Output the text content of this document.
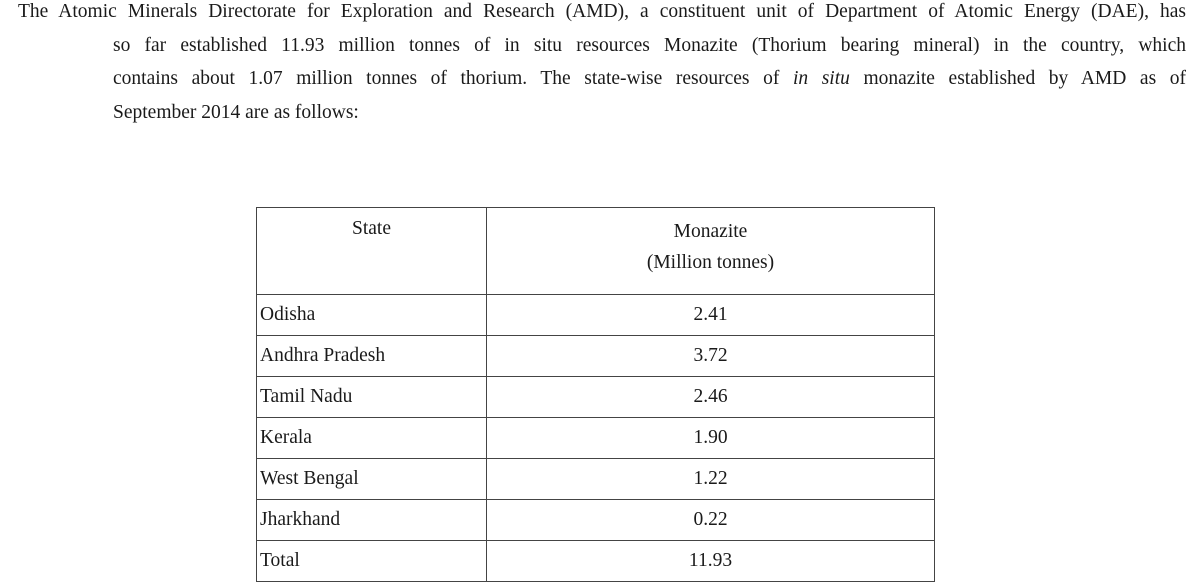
The Atomic Minerals Directorate for Exploration and Research (AMD), a constituent unit of Department of Atomic Energy (DAE), has
so far established 11.93 million tonnes of in situ resources Monazite (Thorium bearing mineral) in the country, which
contains about 1.07 million tonnes of thorium. The state-wise resources of in situ monazite established by AMD as of
September 2014 are as follows:
State	Monazite
(Million tonnes)

Odisha	2.41
Andhra Pradesh	3.72
Tamil Nadu	2.46
Kerala	1.90
West Bengal	1.22
Jharkhand	0.22
Total	11.93
